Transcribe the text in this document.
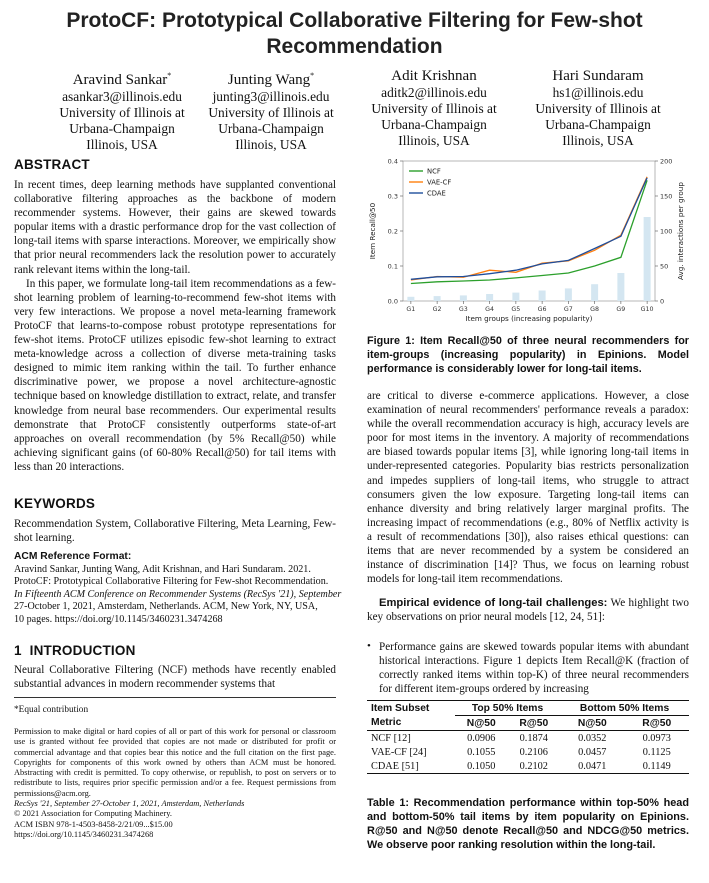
ProtoCF: Prototypical Collaborative Filtering for Few-shot Recommendation
Aravind Sankar*
asankar3@illinois.edu
University of Illinois at
Urbana-Champaign
Illinois, USA
Junting Wang*
junting3@illinois.edu
University of Illinois at
Urbana-Champaign
Illinois, USA
Adit Krishnan
aditk2@illinois.edu
University of Illinois at
Urbana-Champaign
Illinois, USA
Hari Sundaram
hs1@illinois.edu
University of Illinois at
Urbana-Champaign
Illinois, USA
ABSTRACT

In recent times, deep learning methods have supplanted conventional collaborative filtering approaches as the backbone of modern recommender systems. However, their gains are skewed towards popular items with a drastic performance drop for the vast collection of long-tail items with sparse interactions. Moreover, we empirically show that prior neural recommenders lack the resolution power to accurately rank relevant items within the long-tail.

In this paper, we formulate long-tail item recommendations as a few-shot learning problem of learning-to-recommend few-shot items with very few interactions. We propose a novel meta-learning framework ProtoCF that learns-to-compose robust prototype representations for few-shot items. ProtoCF utilizes episodic few-shot learning to extract meta-knowledge across a collection of diverse meta-training tasks designed to mimic item ranking within the tail. To further enhance discriminative power, we propose a novel architecture-agnostic technique based on knowledge distillation to extract, relate, and transfer knowledge from neural base recommenders. Our experimental results demonstrate that ProtoCF consistently outperforms state-of-art approaches on overall recommendation (by 5% Recall@50) while achieving significant gains (of 60-80% Recall@50) for tail items with less than 20 interactions.

KEYWORDS
Recommendation System, Collaborative Filtering, Meta Learning, Few-shot learning.
ACM Reference Format:
Aravind Sankar, Junting Wang, Adit Krishnan, and Hari Sundaram. 2021.
ProtoCF: Prototypical Collaborative Filtering for Few-shot Recommendation.
In Fifteenth ACM Conference on Recommender Systems (RecSys '21), September
27-October 1, 2021, Amsterdam, Netherlands. ACM, New York, NY, USA,
10 pages. https://doi.org/10.1145/3460231.3474268
1 INTRODUCTION
Neural Collaborative Filtering (NCF) methods have recently enabled substantial advances in modern recommender systems that
*Equal contribution
Permission to make digital or hard copies of all or part of this work for personal or classroom use is granted without fee provided that copies are not made or distributed for profit or commercial advantage and that copies bear this notice and the full citation on the first page. Copyrights for components of this work owned by others than ACM must be honored. Abstracting with credit is permitted. To copy otherwise, or republish, to post on servers or to redistribute to lists, requires prior specific permission and/or a fee. Request permissions from permissions@acm.org.
RecSys '21, September 27-October 1, 2021, Amsterdam, Netherlands
© 2021 Association for Computing Machinery.
ACM ISBN 978-1-4503-8458-2/21/09...$15.00
https://doi.org/10.1145/3460231.3474268
0.0
0.1
0.2
0.3
0.4
0
50
100
150
200
G1	G2	G3	G4	G5	G6	G7	G8	G9 G10
Item groups (increasing popularity)
Item Recall@50	Avg. interactions per group
NCF
VAE-CF
CDAE
Figure 1: Item Recall@50 of three neural recommenders for item-groups (increasing popularity) in Epinions. Model performance is considerably lower for long-tail items.
are critical to diverse e-commerce applications. However, a close examination of neural recommenders' performance reveals a paradox: while the overall recommendation accuracy is high, accuracy levels are poor for most items in the inventory. A majority of recommendations are biased towards popular items [3], while ignoring long-tail items in under-represented categories. Popularity bias restricts personalization and impedes suppliers of long-tail items, who struggle to attract consumers given the low exposure. Targeting long-tail items can enhance diversity and bring relatively larger marginal profits. The increasing impact of recommendations (e.g., 80% of Netflix activity is a result of recommendations [30]), also raises ethical questions: can items that are never recommended by a system be considered an instance of discrimination [14]? Thus, we focus on learning robust models for long-tail item recommendations.
Empirical evidence of long-tail challenges: We highlight two key observations on prior neural models [12, 24, 51]:
• Performance gains are skewed towards popular items with abundant historical interactions. Figure 1 depicts Item Recall@K (fraction of correctly ranked items within top-K) of three neural recommenders for different item-groups ordered by increasing
Item Subset	Top 50% Items		Bottom 50% Items	
Metric	N@50	R@50	N@50	R@50
NCF [12]	0.0906	0.1874	0.0352	0.0973
VAE-CF [24]	0.1055	0.2106	0.0457	0.1125
CDAE [51]	0.1050	0.2102	0.0471	0.1149
Table 1: Recommendation performance within top-50% head and bottom-50% tail items by item popularity on Epinions. R@50 and N@50 denote Recall@50 and NDCG@50 metrics. We observe poor ranking resolution within the long-tail.
